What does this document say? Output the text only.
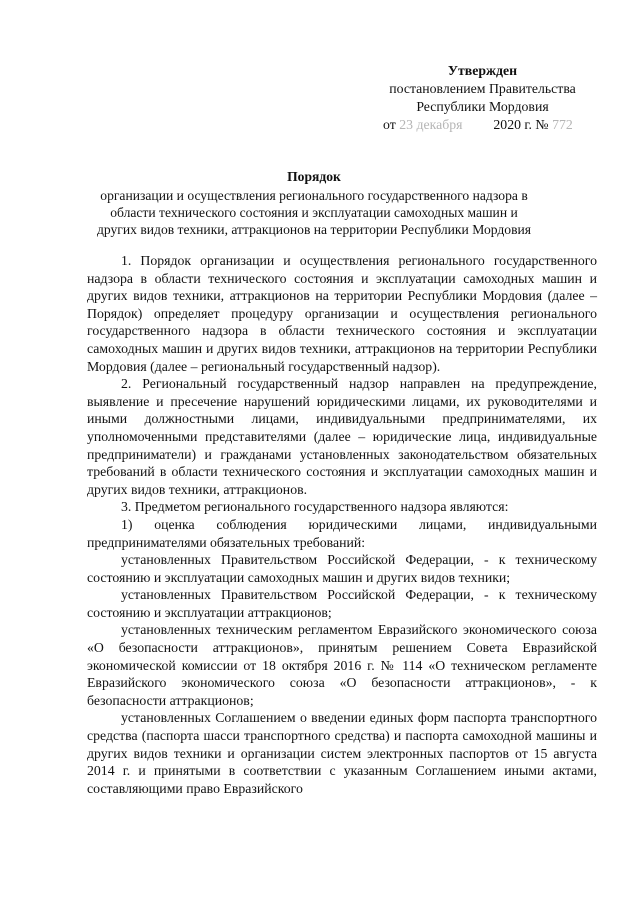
Утвержден
постановлением Правительства
Республики Мордовия
от 23 декабря 2020 г. № 772
Порядок
организации и осуществления регионального государственного надзора в области технического состояния и эксплуатации самоходных машин и других видов техники, аттракционов на территории Республики Мордовия

1. Порядок организации и осуществления регионального государственного надзора в области технического состояния и эксплуатации самоходных машин и других видов техники, аттракционов на территории Республики Мордовия (далее – Порядок) определяет процедуру организации и осуществления регионального государственного надзора в области технического состояния и эксплуатации самоходных машин и других видов техники, аттракционов на территории Республики Мордовия (далее – региональный государственный надзор).

2. Региональный государственный надзор направлен на предупреждение, выявление и пресечение нарушений юридическими лицами, их руководителями и иными должностными лицами, индивидуальными предпринимателями, их уполномоченными представителями (далее – юридические лица, индивидуальные предприниматели) и гражданами установленных законодательством обязательных требований в области технического состояния и эксплуатации самоходных машин и других видов техники, аттракционов.

3. Предметом регионального государственного надзора являются:

1) оценка соблюдения юридическими лицами, индивидуальными предпринимателями обязательных требований:

установленных Правительством Российской Федерации, - к техническому состоянию и эксплуатации самоходных машин и других видов техники;

установленных Правительством Российской Федерации, - к техническому состоянию и эксплуатации аттракционов;

установленных техническим регламентом Евразийского экономического союза «О безопасности аттракционов», принятым решением Совета Евразийской экономической комиссии от 18 октября 2016 г. № 114 «О техническом регламенте Евразийского экономического союза «О безопасности аттракционов», - к безопасности аттракционов;

установленных Соглашением о введении единых форм паспорта транспортного средства (паспорта шасси транспортного средства) и паспорта самоходной машины и других видов техники и организации систем электронных паспортов от 15 августа 2014 г. и принятыми в соответствии с указанным Соглашением иными актами, составляющими право Евразийского
